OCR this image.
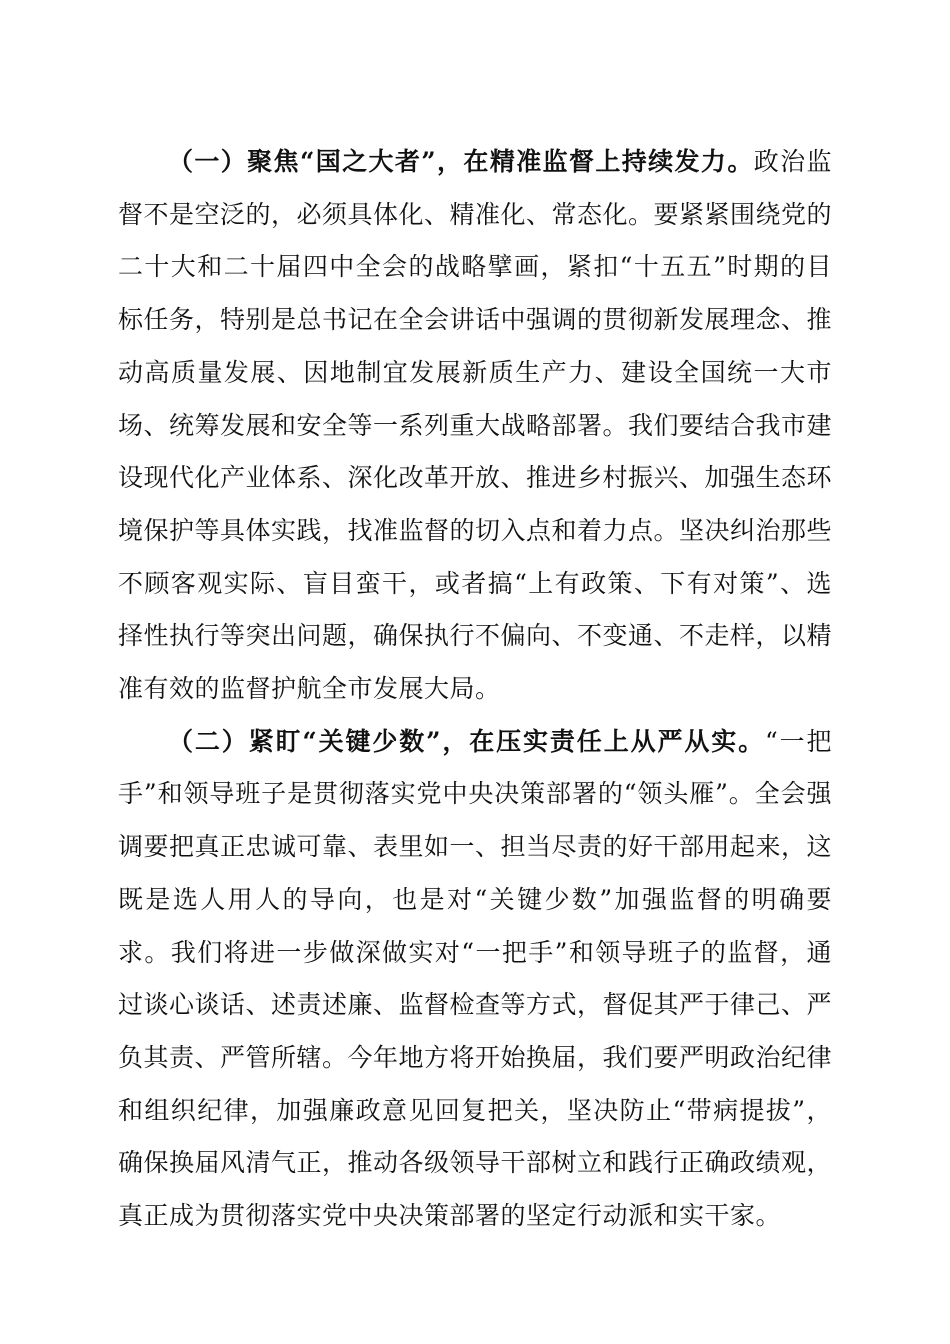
（一）聚焦“国之大者”，在精准监督上持续发力。政治监督不是空泛的，必须具体化、精准化、常态化。要紧紧围绕党的二十大和二十届四中全会的战略擘画，紧扣“十五五”时期的目标任务，特别是总书记在全会讲话中强调的贯彻新发展理念、推动高质量发展、因地制宜发展新质生产力、建设全国统一大市场、统筹发展和安全等一系列重大战略部署。我们要结合我市建设现代化产业体系、深化改革开放、推进乡村振兴、加强生态环境保护等具体实践，找准监督的切入点和着力点。坚决纠治那些不顾客观实际、盲目蛮干，或者搞“上有政策、下有对策”、选择性执行等突出问题，确保执行不偏向、不变通、不走样，以精准有效的监督护航全市发展大局。

（二）紧盯“关键少数”，在压实责任上从严从实。“一把手”和领导班子是贯彻落实党中央决策部署的“领头雁”。全会强调要把真正忠诚可靠、表里如一、担当尽责的好干部用起来，这既是选人用人的导向，也是对“关键少数”加强监督的明确要求。我们将进一步做深做实对“一把手”和领导班子的监督，通过谈心谈话、述责述廉、监督检查等方式，督促其严于律己、严负其责、严管所辖。今年地方将开始换届，我们要严明政治纪律和组织纪律，加强廉政意见回复把关，坚决防止“带病提拔”，确保换届风清气正，推动各级领导干部树立和践行正确政绩观，真正成为贯彻落实党中央决策部署的坚定行动派和实干家。
